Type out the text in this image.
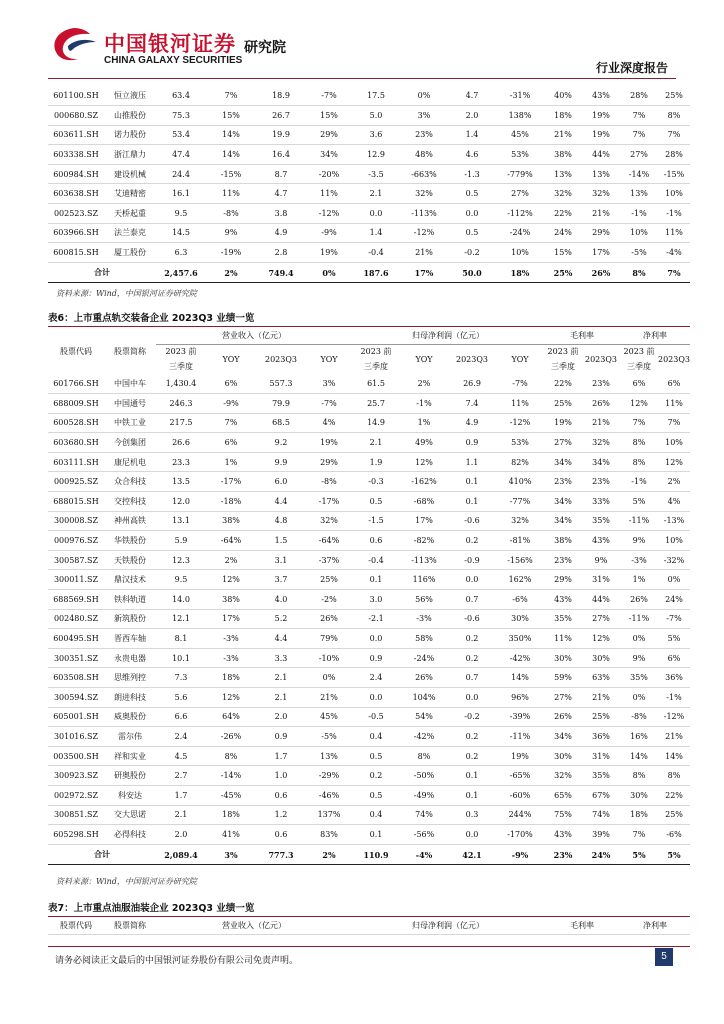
中国银河证券
CHINA GALAXY SECURITIES
研究院
行业深度报告
601100.SH	恒立液压	63.4	7%	18.9	-7%	17.5	0%	4.7	-31%	40%	43%	28%	25%
000680.SZ	山推股份	75.3	15%	26.7	15%	5.0	3%	2.0	138%	18%	19%	7%	8%
603611.SH	诺力股份	53.4	14%	19.9	29%	3.6	23%	1.4	45%	21%	19%	7%	7%
603338.SH	浙江鼎力	47.4	14%	16.4	34%	12.9	48%	4.6	53%	38%	44%	27%	28%
600984.SH	建设机械	24.4	-15%	8.7	-20%	-3.5	-663%	-1.3	-779%	13%	13%	-14%	-15%
603638.SH	艾迪精密	16.1	11%	4.7	11%	2.1	32%	0.5	27%	32%	32%	13%	10%
002523.SZ	天桥起重	9.5	-8%	3.8	-12%	0.0	-113%	0.0	-112%	22%	21%	-1%	-1%
603966.SH	法兰泰克	14.5	9%	4.9	-9%	1.4	-12%	0.5	-24%	24%	29%	10%	11%
600815.SH	厦工股份	6.3	-19%	2.8	19%	-0.4	21%	-0.2	10%	15%	17%	-5%	-4%
合计		2,457.6	2%	749.4	0%	187.6	17%	50.0	18%	25%	26%	8%	7%
资料来源：Wind，中国银河证券研究院
表6：上市重点轨交装备企业 2023Q3 业绩一览
股票代码	股票简称	营业收入（亿元）				归母净利润（亿元）				毛利率		净利率	
		2023 前	YOY	2023Q3	YOY	2023 前	YOY	2023Q3	YOY	2023 前	2023Q3	2023 前	2023Q3
		三季度				三季度				三季度		三季度	
601766.SH	中国中车	1,430.4	6%	557.3	3%	61.5	2%	26.9	-7%	22%	23%	6%	6%
688009.SH	中国通号	246.3	-9%	79.9	-7%	25.7	-1%	7.4	11%	25%	26%	12%	11%
600528.SH	中铁工业	217.5	7%	68.5	4%	14.9	1%	4.9	-12%	19%	21%	7%	7%
603680.SH	今创集团	26.6	6%	9.2	19%	2.1	49%	0.9	53%	27%	32%	8%	10%
603111.SH	康尼机电	23.3	1%	9.9	29%	1.9	12%	1.1	82%	34%	34%	8%	12%
000925.SZ	众合科技	13.5	-17%	6.0	-8%	-0.3	-162%	0.1	410%	23%	23%	-1%	2%
688015.SH	交控科技	12.0	-18%	4.4	-17%	0.5	-68%	0.1	-77%	34%	33%	5%	4%
300008.SZ	神州高铁	13.1	38%	4.8	32%	-1.5	17%	-0.6	32%	34%	35%	-11%	-13%
000976.SZ	华铁股份	5.9	-64%	1.5	-64%	0.6	-82%	0.2	-81%	38%	43%	9%	10%
300587.SZ	天铁股份	12.3	2%	3.1	-37%	-0.4	-113%	-0.9	-156%	23%	9%	-3%	-32%
300011.SZ	鼎汉技术	9.5	12%	3.7	25%	0.1	116%	0.0	162%	29%	31%	1%	0%
688569.SH	铁科轨道	14.0	38%	4.0	-2%	3.0	56%	0.7	-6%	43%	44%	26%	24%
002480.SZ	新筑股份	12.1	17%	5.2	26%	-2.1	-3%	-0.6	30%	35%	27%	-11%	-7%
600495.SH	晋西车轴	8.1	-3%	4.4	79%	0.0	58%	0.2	350%	11%	12%	0%	5%
300351.SZ	永贵电器	10.1	-3%	3.3	-10%	0.9	-24%	0.2	-42%	30%	30%	9%	6%
603508.SH	思维列控	7.3	18%	2.1	0%	2.4	26%	0.7	14%	59%	63%	35%	36%
300594.SZ	朗进科技	5.6	12%	2.1	21%	0.0	104%	0.0	96%	27%	21%	0%	-1%
605001.SH	威奥股份	6.6	64%	2.0	45%	-0.5	54%	-0.2	-39%	26%	25%	-8%	-12%
301016.SZ	雷尔伟	2.4	-26%	0.9	-5%	0.4	-42%	0.2	-11%	34%	36%	16%	21%
003500.SH	祥和实业	4.5	8%	1.7	13%	0.5	8%	0.2	19%	30%	31%	14%	14%
300923.SZ	研奥股份	2.7	-14%	1.0	-29%	0.2	-50%	0.1	-65%	32%	35%	8%	8%
002972.SZ	科安达	1.7	-45%	0.6	-46%	0.5	-49%	0.1	-60%	65%	67%	30%	22%
300851.SZ	交大思诺	2.1	18%	1.2	137%	0.4	74%	0.3	244%	75%	74%	18%	25%
605298.SH	必得科技	2.0	41%	0.6	83%	0.1	-56%	0.0	-170%	43%	39%	7%	-6%
合计		2,089.4	3%	777.3	2%	110.9	-4%	42.1	-9%	23%	24%	5%	5%
资料来源：Wind，中国银河证券研究院
表7：上市重点油服油装企业 2023Q3 业绩一览
股票代码	股票简称	营业收入（亿元）	归母净利润（亿元）	毛利率	净利率
请务必阅读正文最后的中国银河证券股份有限公司免责声明。	5
